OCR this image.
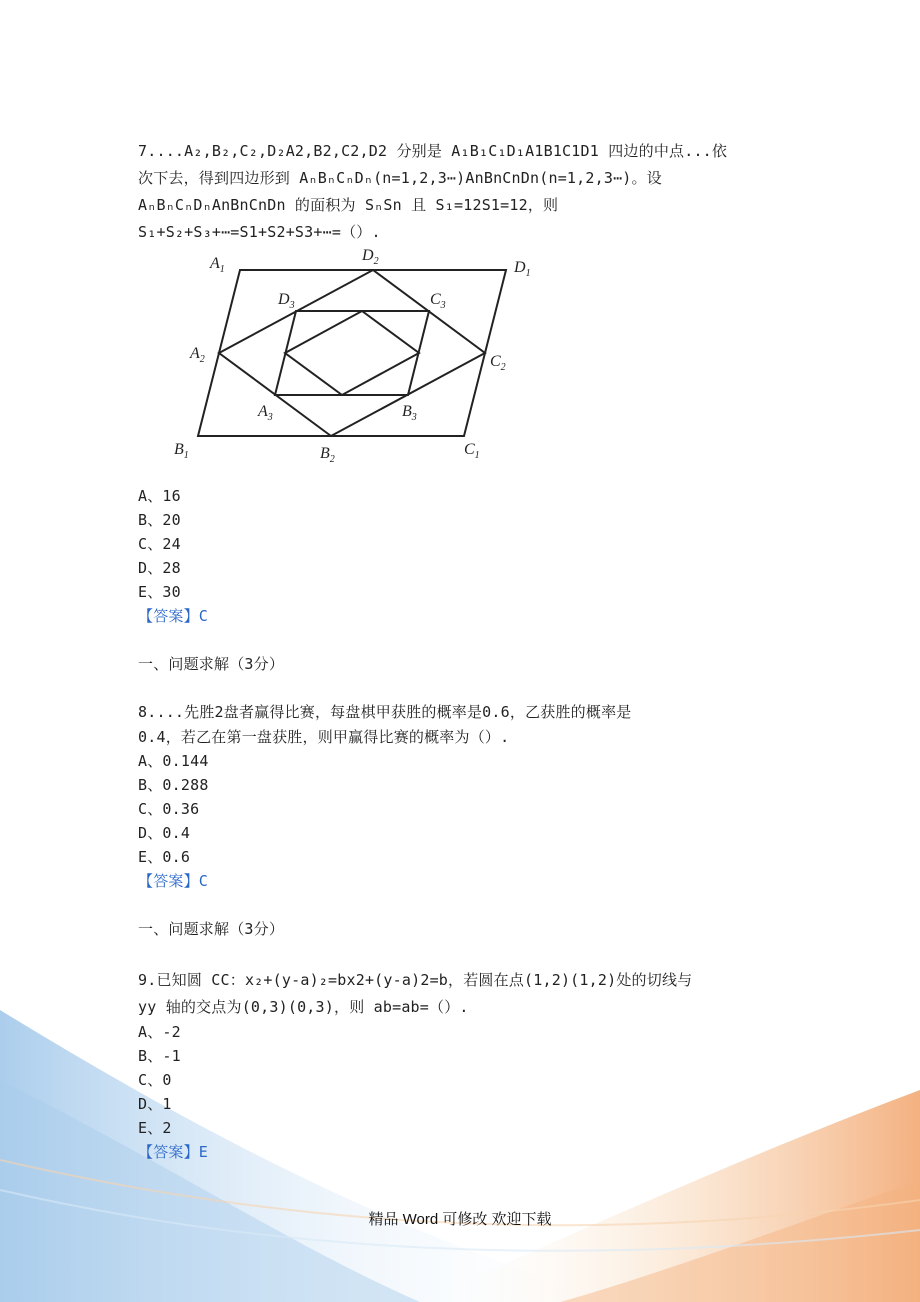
7....A₂,B₂,C₂,D₂A2,B2,C2,D2 分别是 A₁B₁C₁D₁A1B1C1D1 四边的中点...依
次下去，得到四边形到 AₙBₙCₙDₙ(n=1,2,3⋯)AnBnCnDn(n=1,2,3⋯)。设
AₙBₙCₙDₙAnBnCnDn 的面积为 SₙSn 且 S₁=12S1=12，则
S₁+S₂+S₃+⋯=S1+S2+S3+⋯=（）.
$A_1$
$D_2$	$D_1$
$D_3$	$C_3$
$A_2$	$C_2$
$A_3$	$B_3$
$B_1$	$B_2$
$C_1$
A、16
B、20
C、24
D、28
E、30
【答案】C
一、问题求解（3分）
8....先胜2盘者赢得比赛，每盘棋甲获胜的概率是0.6，乙获胜的概率是
0.4，若乙在第一盘获胜，则甲赢得比赛的概率为（）.
A、0.144
B、0.288
C、0.36
D、0.4
E、0.6
【答案】C
一、问题求解（3分）
9.已知圆 CC：x₂+(y-a)₂=bx2+(y-a)2=b，若圆在点(1,2)(1,2)处的切线与
yy 轴的交点为(0,3)(0,3)，则 ab=ab=（）.
A、-2
B、-1
C、0
D、1
E、2
【答案】E
精品 Word 可修改 欢迎下载
